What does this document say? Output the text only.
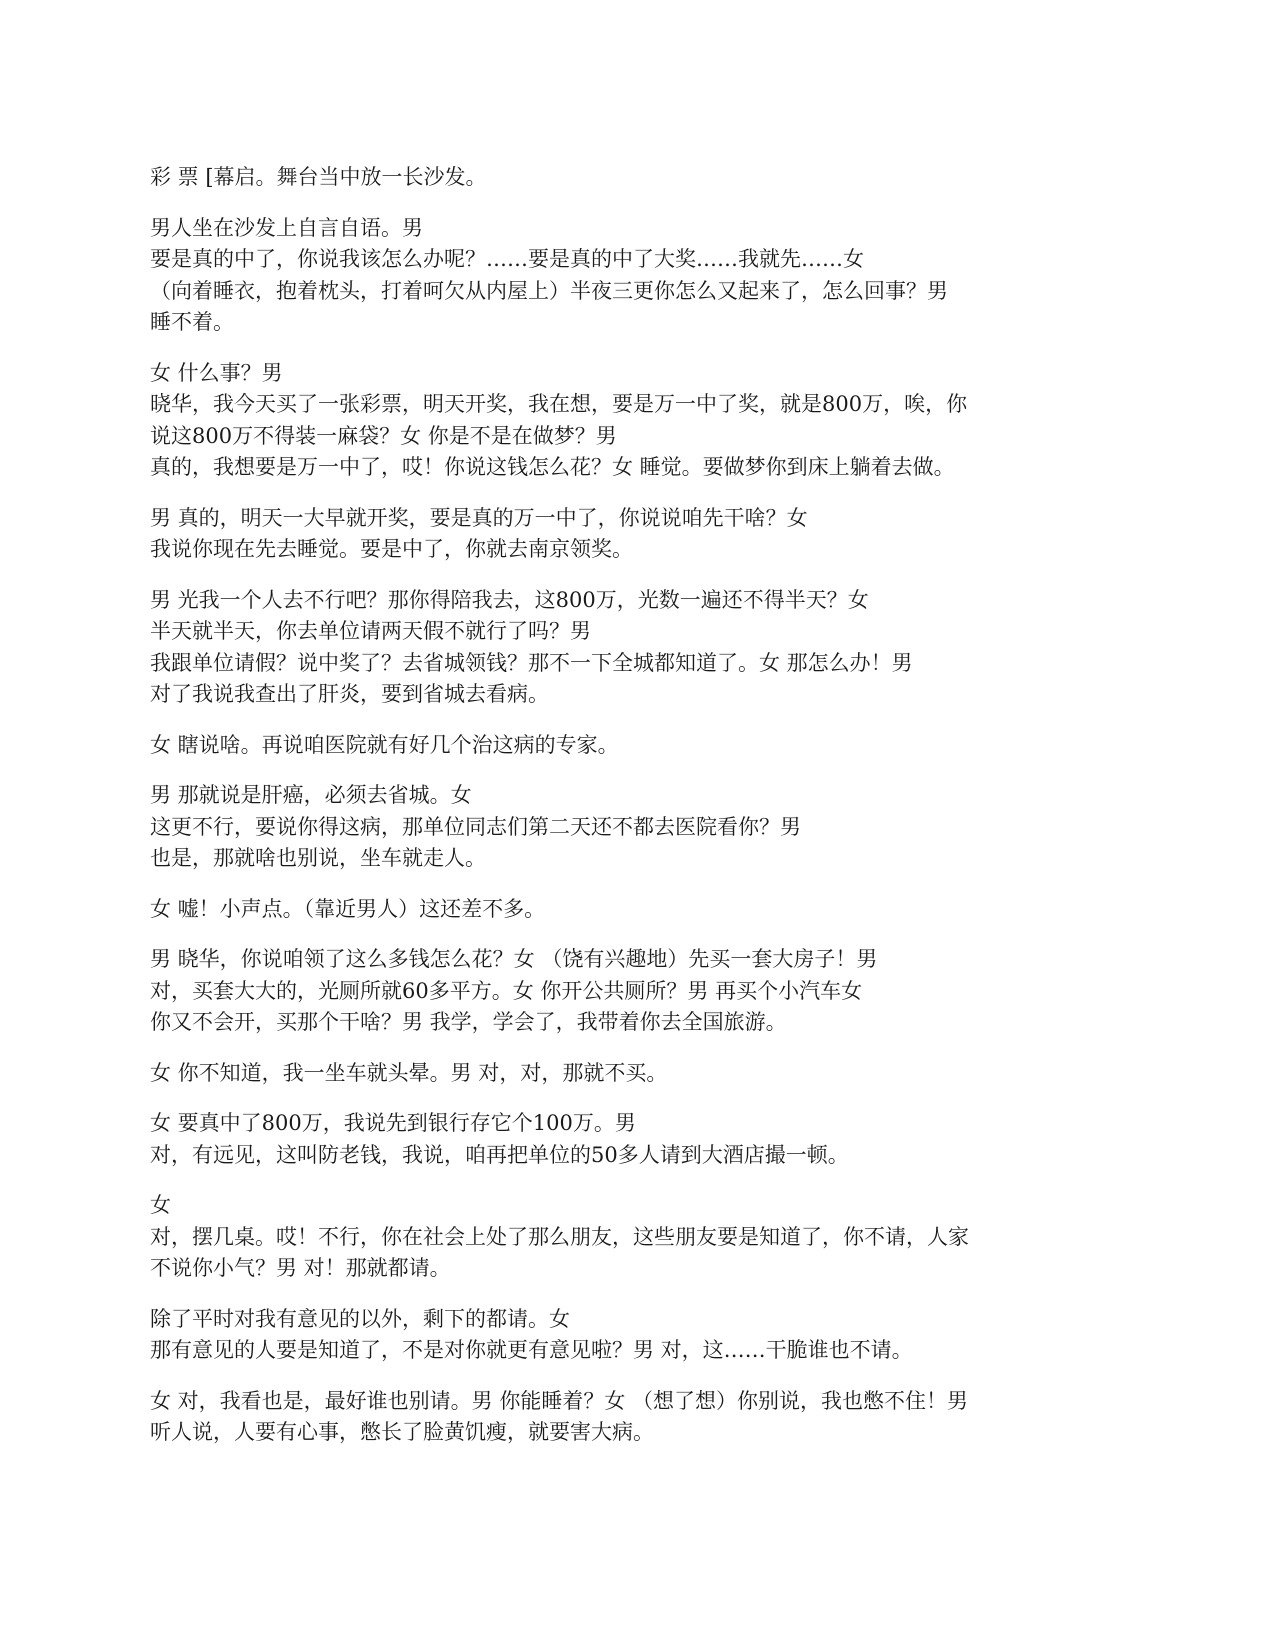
彩 票 [幕启。舞台当中放一长沙发。

男人坐在沙发上自言自语。男
要是真的中了，你说我该怎么办呢？……要是真的中了大奖……我就先……女
（向着睡衣，抱着枕头，打着呵欠从内屋上）半夜三更你怎么又起来了，怎么回事？男
睡不着。

女 什么事？男
晓华，我今天买了一张彩票，明天开奖，我在想，要是万一中了奖，就是800万，唉，你
说这800万不得装一麻袋？女 你是不是在做梦？男
真的，我想要是万一中了，哎！你说这钱怎么花？女 睡觉。要做梦你到床上躺着去做。

男 真的，明天一大早就开奖，要是真的万一中了，你说说咱先干啥？女
我说你现在先去睡觉。要是中了，你就去南京领奖。

男 光我一个人去不行吧？那你得陪我去，这800万，光数一遍还不得半天？女
半天就半天，你去单位请两天假不就行了吗？男
我跟单位请假？说中奖了？去省城领钱？那不一下全城都知道了。女 那怎么办！男
对了我说我查出了肝炎，要到省城去看病。

女 瞎说啥。再说咱医院就有好几个治这病的专家。

男 那就说是肝癌，必须去省城。女
这更不行，要说你得这病，那单位同志们第二天还不都去医院看你？男
也是，那就啥也别说，坐车就走人。

女 嘘！小声点。（靠近男人）这还差不多。

男 晓华，你说咱领了这么多钱怎么花？女 （饶有兴趣地）先买一套大房子！男
对，买套大大的，光厕所就60多平方。女 你开公共厕所？男 再买个小汽车女
你又不会开，买那个干啥？男 我学，学会了，我带着你去全国旅游。

女 你不知道，我一坐车就头晕。男 对，对，那就不买。

女 要真中了800万，我说先到银行存它个100万。男
对，有远见，这叫防老钱，我说，咱再把单位的50多人请到大酒店撮一顿。

女
对，摆几桌。哎！不行，你在社会上处了那么朋友，这些朋友要是知道了，你不请，人家
不说你小气？男 对！那就都请。

除了平时对我有意见的以外，剩下的都请。女
那有意见的人要是知道了，不是对你就更有意见啦？男 对，这……干脆谁也不请。

女 对，我看也是，最好谁也别请。男 你能睡着？女 （想了想）你别说，我也憋不住！男
听人说，人要有心事，憋长了脸黄饥瘦，就要害大病。
